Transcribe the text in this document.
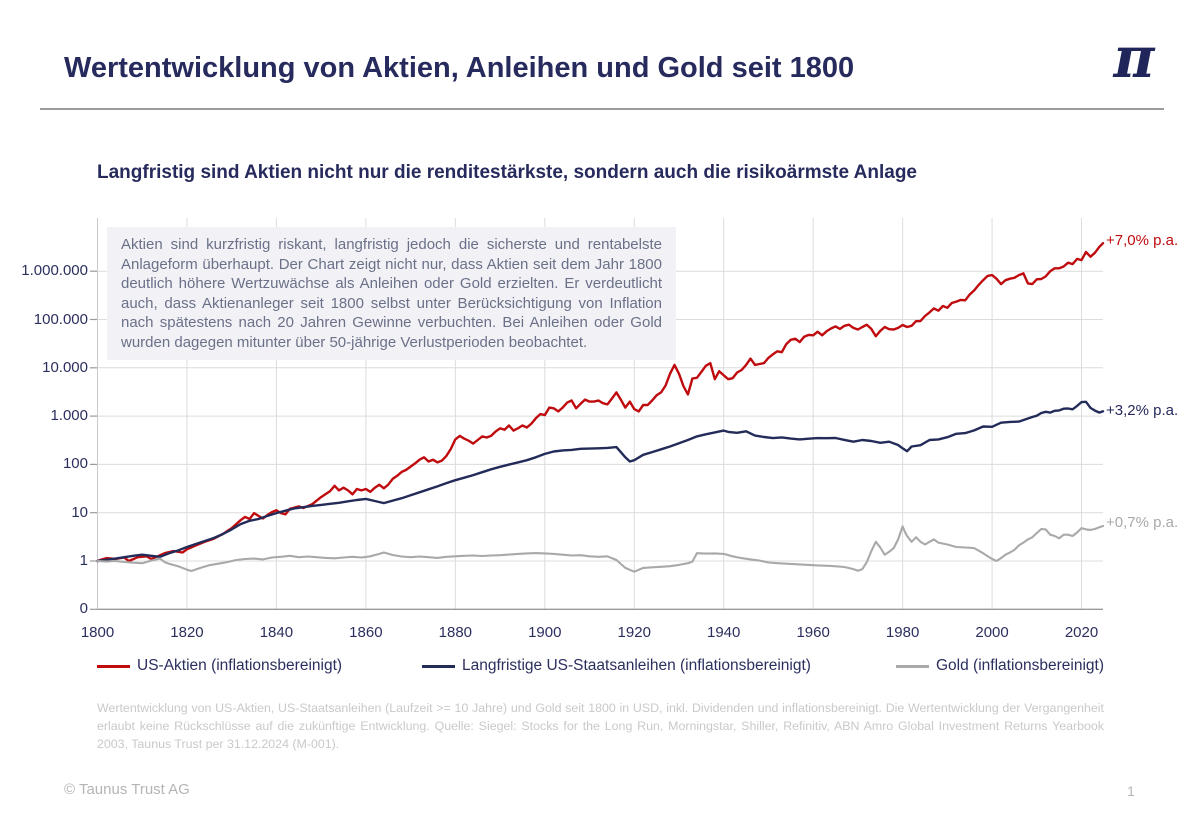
Wertentwicklung von Aktien, Anleihen und Gold seit 1800	π
Langfristig sind Aktien nicht nur die renditestärkste, sondern auch die risikoärmste Anlage
1.000.000
100.000
10.000
1.000
100
10
1
0
1800	1820	1840	1860	1880	1900	1920	1940	1960	1980	2000	2020
Aktien sind kurzfristig riskant, langfristig jedoch die sicherste und rentabelste Anlageform überhaupt. Der Chart zeigt nicht nur, dass Aktien seit dem Jahr 1800 deutlich höhere Wertzuwächse als Anleihen oder Gold erzielten. Er verdeutlicht auch, dass Aktienanleger seit 1800 selbst unter Berücksichtigung von Inflation nach spätestens nach 20 Jahren Gewinne verbuchten. Bei Anleihen oder Gold wurden dagegen mitunter über 50-jährige Verlustperioden beobachtet.
+7,0% p.a.
+3,2% p.a.
+0,7% p.a.
US-Aktien (inflationsbereinigt)	Langfristige US-Staatsanleihen (inflationsbereinigt)	Gold (inflationsbereinigt)
Wertentwicklung von US-Aktien, US-Staatsanleihen (Laufzeit >= 10 Jahre) und Gold seit 1800 in USD, inkl. Dividenden und inflationsbereinigt. Die Wertentwicklung der Vergangenheit erlaubt keine Rückschlüsse auf die zukünftige Entwicklung. Quelle: Siegel: Stocks for the Long Run, Morningstar, Shiller, Refinitiv, ABN Amro Global Investment Returns Yearbook 2003, Taunus Trust per 31.12.2024 (M-001).
© Taunus Trust AG	1
